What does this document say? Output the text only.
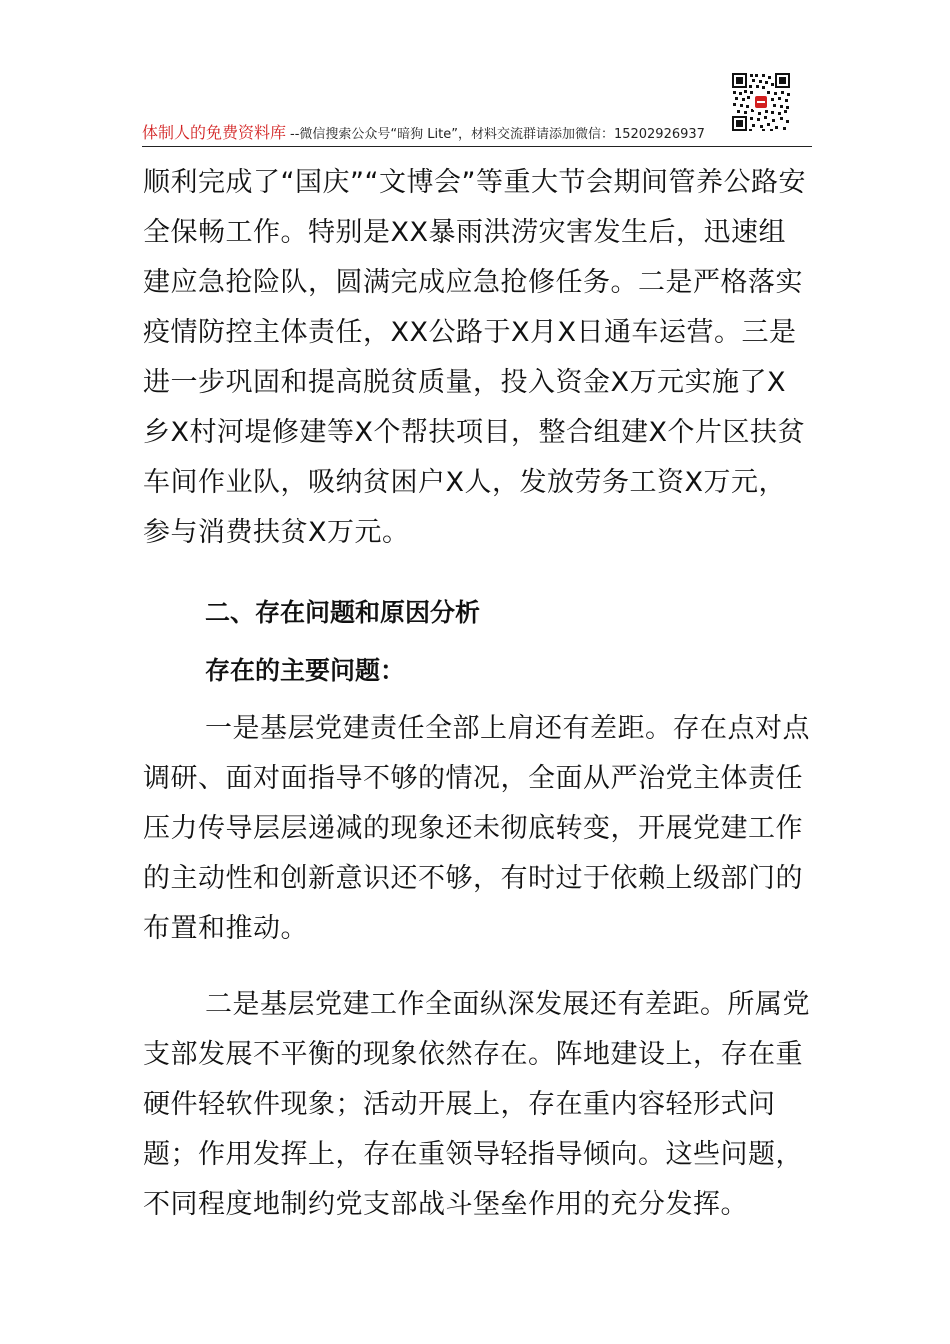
体制人的免费资料库 --微信搜索公众号“暗狗 Lite”，材料交流群请添加微信：15202926937

顺利完成了“国庆”“文博会”等重大节会期间管养公路安全保畅工作。特别是XX暴雨洪涝灾害发生后，迅速组建应急抢险队，圆满完成应急抢修任务。二是严格落实疫情防控主体责任，XX公路于X月X日通车运营。三是进一步巩固和提高脱贫质量，投入资金X万元实施了X乡X村河堤修建等X个帮扶项目，整合组建X个片区扶贫车间作业队，吸纳贫困户X人，发放劳务工资X万元，参与消费扶贫X万元。

二、存在问题和原因分析

存在的主要问题：

一是基层党建责任全部上肩还有差距。存在点对点调研、面对面指导不够的情况，全面从严治党主体责任压力传导层层递减的现象还未彻底转变，开展党建工作的主动性和创新意识还不够，有时过于依赖上级部门的布置和推动。

二是基层党建工作全面纵深发展还有差距。所属党支部发展不平衡的现象依然存在。阵地建设上，存在重硬件轻软件现象；活动开展上，存在重内容轻形式问题；作用发挥上，存在重领导轻指导倾向。这些问题，不同程度地制约党支部战斗堡垒作用的充分发挥。
